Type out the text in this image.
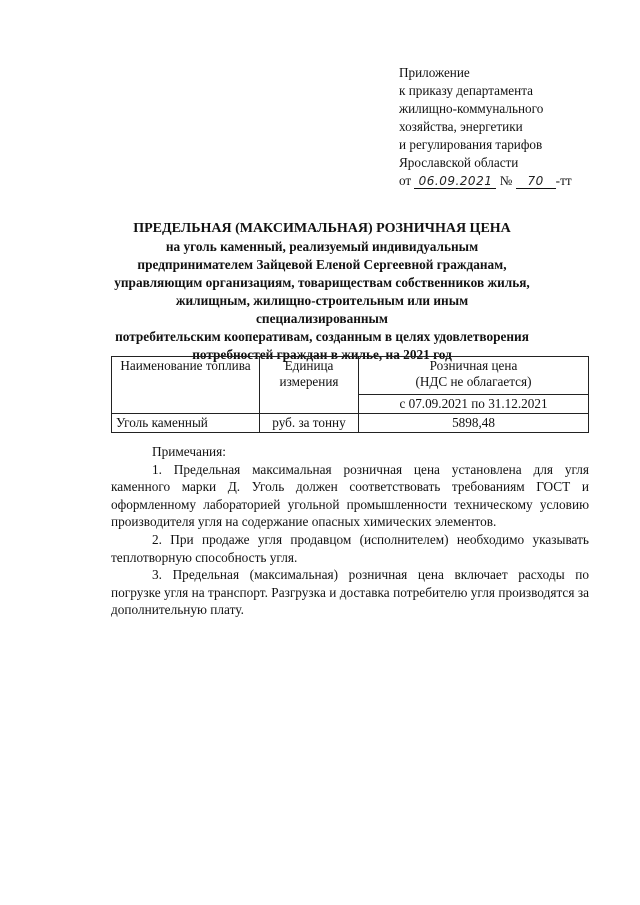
Приложение
к приказу департамента
жилищно-коммунального
хозяйства, энергетики
и регулирования тарифов
Ярославской области
от 06.09.2021 № 70 -тт
ПРЕДЕЛЬНАЯ (МАКСИМАЛЬНАЯ) РОЗНИЧНАЯ ЦЕНА
на уголь каменный, реализуемый индивидуальным
предпринимателем Зайцевой Еленой Сергеевной гражданам,
управляющим организациям, товариществам собственников жилья,
жилищным, жилищно-строительным или иным специализированным
потребительским кооперативам, созданным в целях удовлетворения
потребностей граждан в жилье, на 2021 год
Наименование топлива	Единица измерения	Розничная цена
(НДС не облагается)

		с 07.09.2021 по 31.12.2021
Уголь каменный	руб. за тонну	5898,48
Примечания:

1. Предельная максимальная розничная цена установлена для угля каменного марки Д. Уголь должен соответствовать требованиям ГОСТ и оформленному лабораторией угольной промышленности техническому условию производителя угля на содержание опасных химических элементов.

2. При продаже угля продавцом (исполнителем) необходимо указывать теплотворную способность угля.

3. Предельная (максимальная) розничная цена включает расходы по погрузке угля на транспорт. Разгрузка и доставка потребителю угля производятся за дополнительную плату.
